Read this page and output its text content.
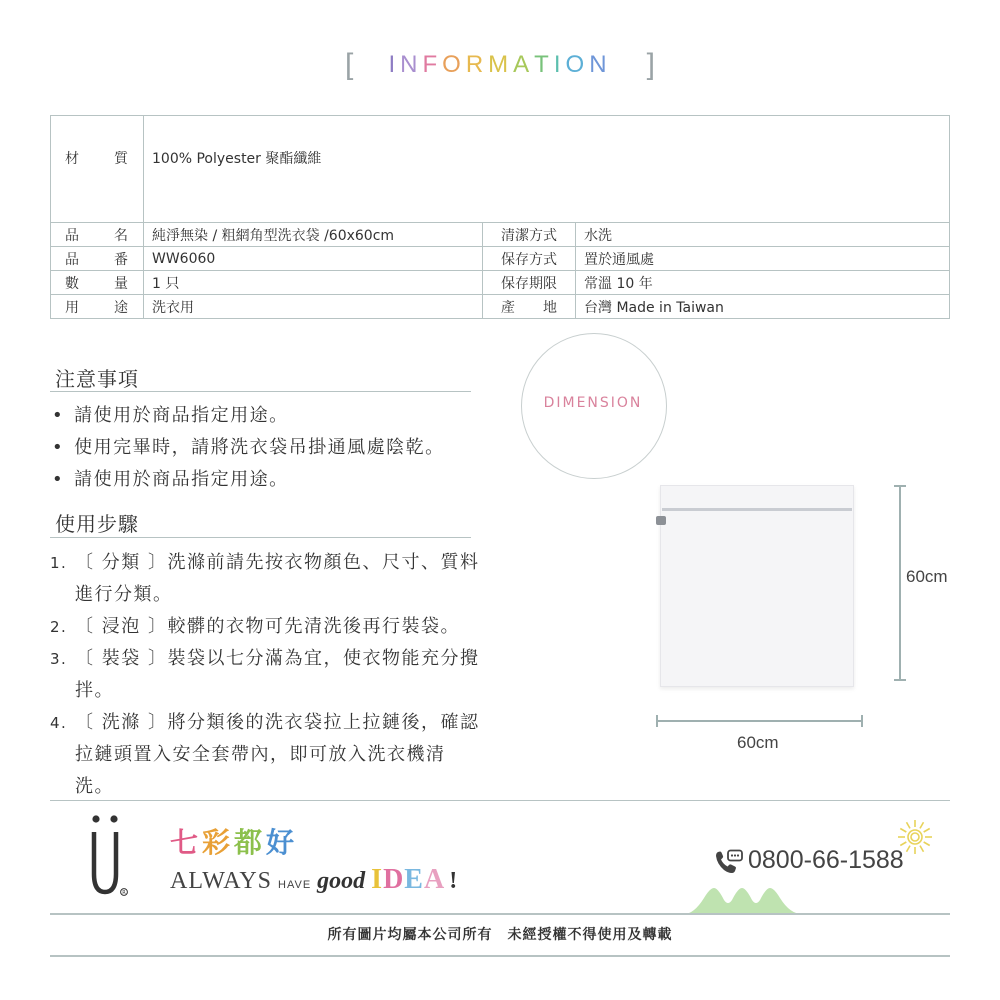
[ INFORMATION ]
材 質	100% Polyester 聚酯纖維		
品 名	純淨無染 / 粗網角型洗衣袋 /60x60cm	清潔方式	水洗
品 番	WW6060	保存方式	置於通風處
數 量	1 只	保存期限	常溫 10 年
用 途	洗衣用	產　　地	台灣 Made in Taiwan
注意事項
• 請使用於商品指定用途。
• 使用完畢時，請將洗衣袋吊掛通風處陰乾。
• 請使用於商品指定用途。
使用步驟
1. 〔 分類 〕洗滌前請先按衣物顏色、尺寸、質料進行分類。
2. 〔 浸泡 〕較髒的衣物可先清洗後再行裝袋。
3. 〔 裝袋 〕裝袋以七分滿為宜，使衣物能充分攪拌。
4. 〔 洗滌 〕將分類後的洗衣袋拉上拉鏈後，確認拉鏈頭置入安全套帶內，即可放入洗衣機清洗。
DIMENSION
60cm
60cm
R
七彩都好
ALWAYS HAVE good IDEA !
0800-66-1588
所有圖片均屬本公司所有　未經授權不得使用及轉載
